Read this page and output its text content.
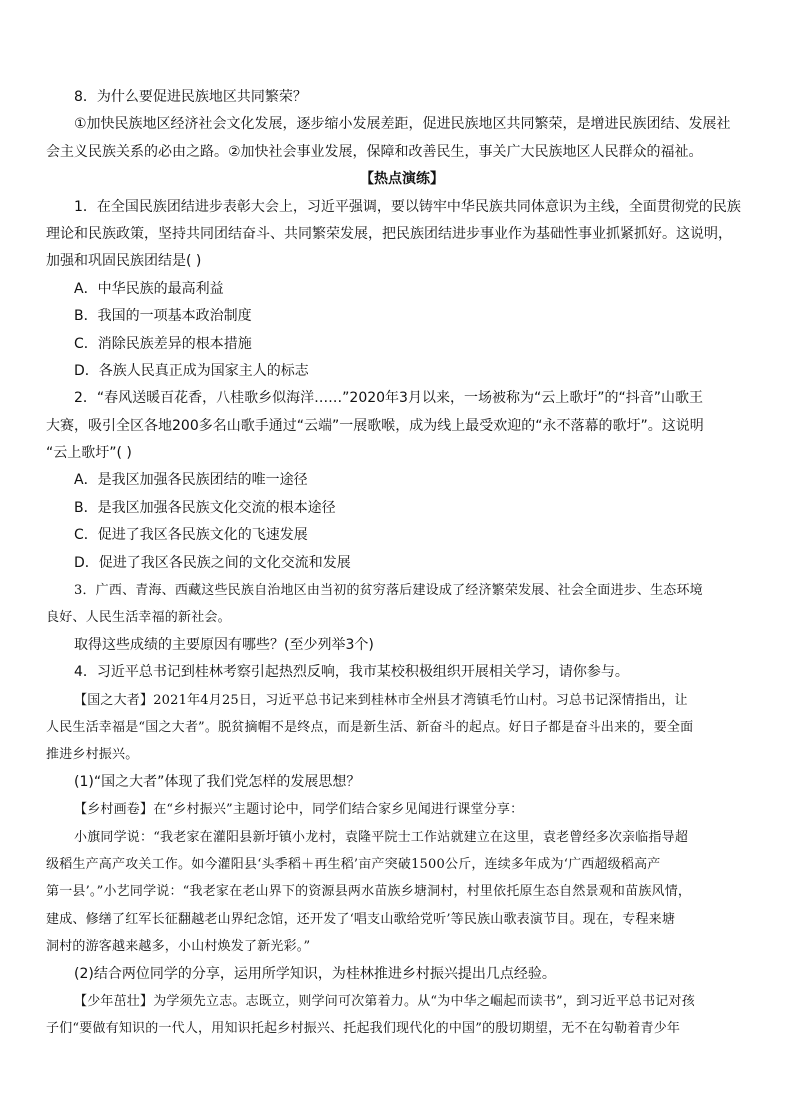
8．为什么要促进民族地区共同繁荣？
①加快民族地区经济社会文化发展，逐步缩小发展差距，促进民族地区共同繁荣，是增进民族团结、发展社
会主义民族关系的必由之路。②加快社会事业发展，保障和改善民生，事关广大民族地区人民群众的福祉。
【热点演练】
1．在全国民族团结进步表彰大会上，习近平强调，要以铸牢中华民族共同体意识为主线，全面贯彻党的民族
理论和民族政策，坚持共同团结奋斗、共同繁荣发展，把民族团结进步事业作为基础性事业抓紧抓好。这说明，
加强和巩固民族团结是( )
A．中华民族的最高利益
B．我国的一项基本政治制度
C．消除民族差异的根本措施
D．各族人民真正成为国家主人的标志
2．“春风送暖百花香，八桂歌乡似海洋……”2020年3月以来，一场被称为“云上歌圩”的“抖音”山歌王
大赛，吸引全区各地200多名山歌手通过“云端”一展歌喉，成为线上最受欢迎的“永不落幕的歌圩”。这说明
“云上歌圩”( )
A．是我区加强各民族团结的唯一途径
B．是我区加强各民族文化交流的根本途径
C．促进了我区各民族文化的飞速发展
D．促进了我区各民族之间的文化交流和发展
3．广西、青海、西藏这些民族自治地区由当初的贫穷落后建设成了经济繁荣发展、社会全面进步、生态环境
良好、人民生活幸福的新社会。
取得这些成绩的主要原因有哪些？(至少列举3个)
4．习近平总书记到桂林考察引起热烈反响，我市某校积极组织开展相关学习，请你参与。
【国之大者】2021年4月25日，习近平总书记来到桂林市全州县才湾镇毛竹山村。习总书记深情指出，让
人民生活幸福是“国之大者”。脱贫摘帽不是终点，而是新生活、新奋斗的起点。好日子都是奋斗出来的，要全面
推进乡村振兴。
(1)“国之大者”体现了我们党怎样的发展思想？
【乡村画卷】在“乡村振兴”主题讨论中，同学们结合家乡见闻进行课堂分享：
小旗同学说：“我老家在灌阳县新圩镇小龙村，袁隆平院士工作站就建立在这里，袁老曾经多次亲临指导超
级稻生产高产攻关工作。如今灌阳县‘头季稻＋再生稻’亩产突破1500公斤，连续多年成为‘广西超级稻高产
第一县’。”小艺同学说：“我老家在老山界下的资源县两水苗族乡塘洞村，村里依托原生态自然景观和苗族风情，
建成、修缮了红军长征翻越老山界纪念馆，还开发了‘唱支山歌给党听’等民族山歌表演节目。现在，专程来塘
洞村的游客越来越多，小山村焕发了新光彩。”
(2)结合两位同学的分享，运用所学知识，为桂林推进乡村振兴提出几点经验。
【少年茁壮】为学须先立志。志既立，则学问可次第着力。从“为中华之崛起而读书”，到习近平总书记对孩
子们“要做有知识的一代人，用知识托起乡村振兴、托起我们现代化的中国”的殷切期望，无不在勾勒着青少年
